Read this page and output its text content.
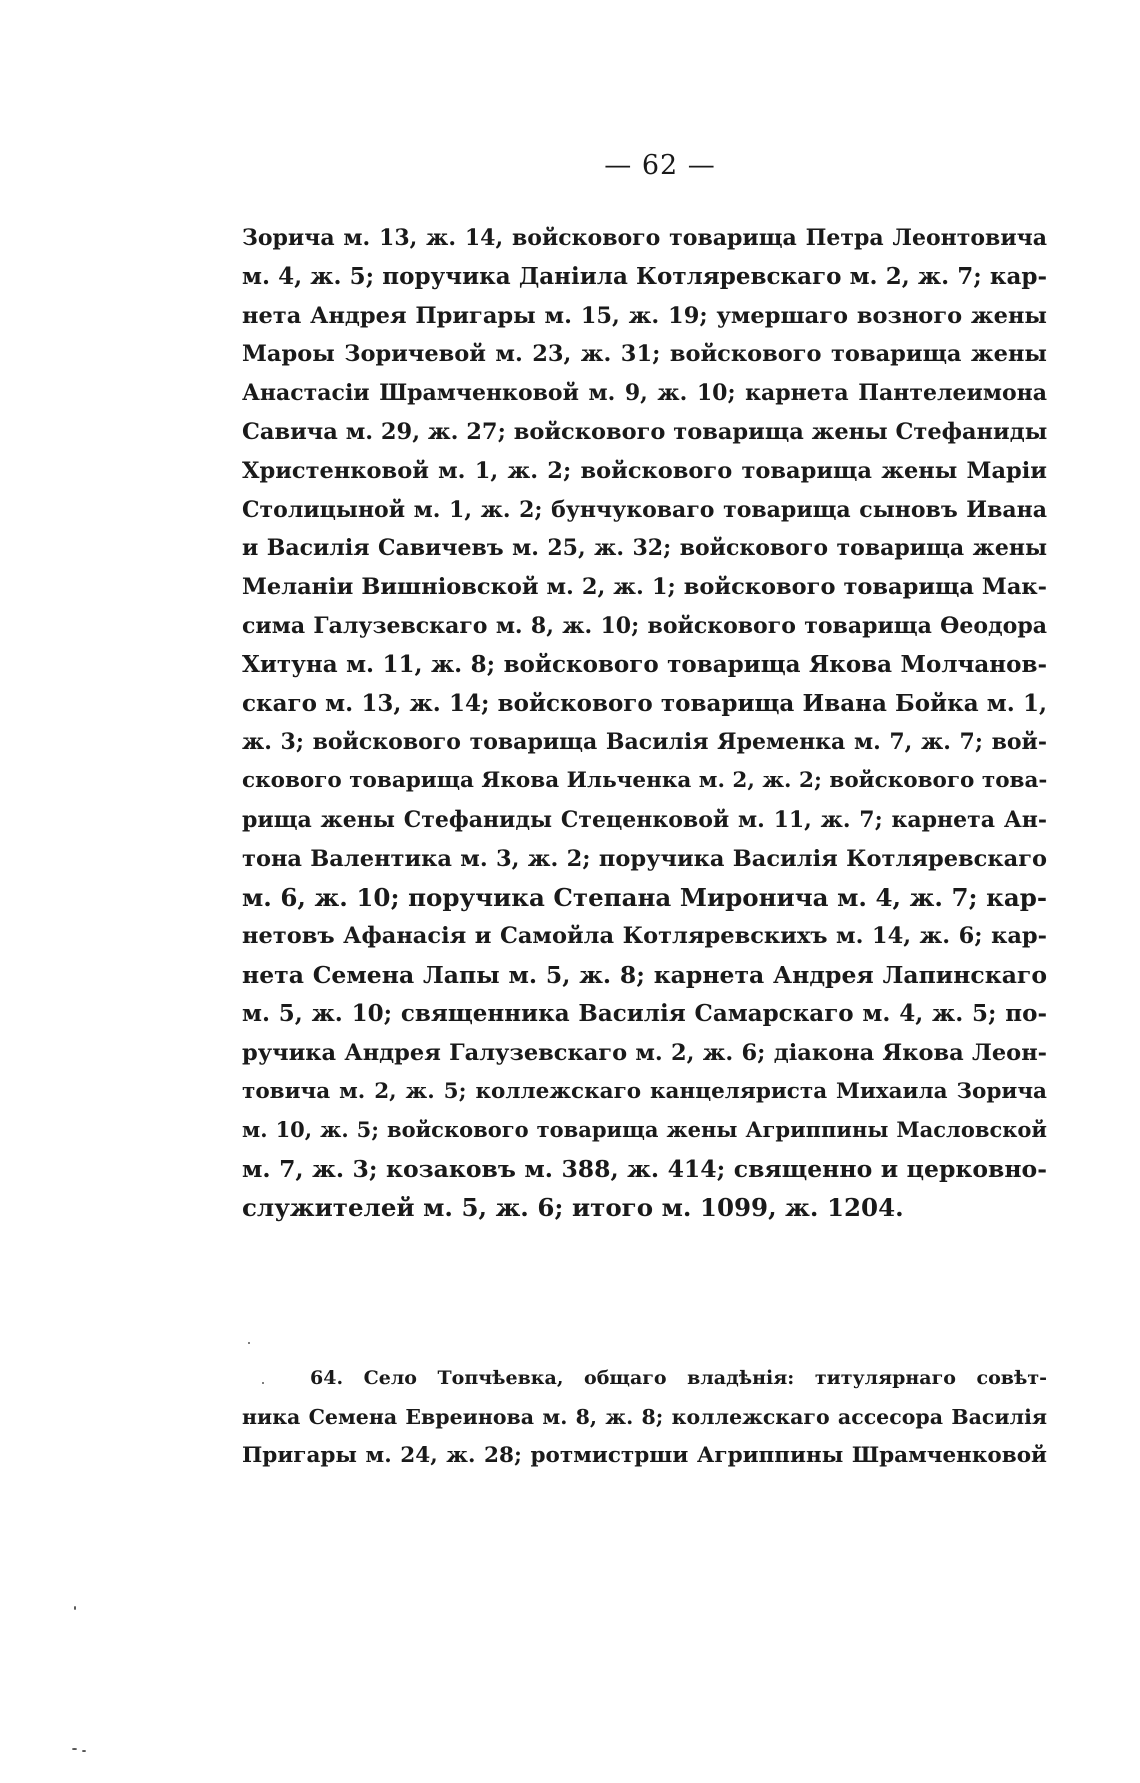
— 62 —
Зорича м. 13, ж. 14, войскового товарища Петра Леонтовича
м. 4, ж. 5; поручика Даніила Котляревскаго м. 2, ж. 7; кар-
нета Андрея Пригары м. 15, ж. 19; умершаго возного жены
Мароы Зоричевой м. 23, ж. 31; войскового товарища жены
Анастасіи Шрамченковой м. 9, ж. 10; карнета Пантелеимона
Савича м. 29, ж. 27; войскового товарища жены Стефаниды
Христенковой м. 1, ж. 2; войскового товарища жены Маріи
Столицыной м. 1, ж. 2; бунчуковаго товарища сыновъ Ивана
и Василія Савичевъ м. 25, ж. 32; войскового товарища жены
Меланіи Вишніовской м. 2, ж. 1; войскового товарища Мак-
сима Галузевскаго м. 8, ж. 10; войскового товарища Өеодора
Хитуна м. 11, ж. 8; войскового товарища Якова Молчанов-
скаго м. 13, ж. 14; войскового товарища Ивана Бойка м. 1,
ж. 3; войскового товарища Василія Яременка м. 7, ж. 7; вой-
скового товарища Якова Ильченка м. 2, ж. 2; войскового това-
рища жены Стефаниды Стеценковой м. 11, ж. 7; карнета Ан-
тона Валентика м. 3, ж. 2; поручика Василія Котляревскаго
м. 6, ж. 10; поручика Степана Миронича м. 4, ж. 7; кар-
нетовъ Афанасія и Самойла Котляревскихъ м. 14, ж. 6; кар-
нета Семена Лапы м. 5, ж. 8; карнета Андрея Лапинскаго
м. 5, ж. 10; священника Василія Самарскаго м. 4, ж. 5; по-
ручика Андрея Галузевскаго м. 2, ж. 6; діакона Якова Леон-
товича м. 2, ж. 5; коллежскаго канцеляриста Михаила Зорича
м. 10, ж. 5; войскового товарища жены Агриппины Масловской
м. 7, ж. 3; козаковъ м. 388, ж. 414; священно и церковно-
служителей м. 5, ж. 6; итого м. 1099, ж. 1204.
64. Село Топчѣевка, общаго владѣнія: титулярнаго совѣт-
ника Семена Евреинова м. 8, ж. 8; коллежскаго ассесора Василія
Пригары м. 24, ж. 28; ротмистрши Агриппины Шрамченковой
